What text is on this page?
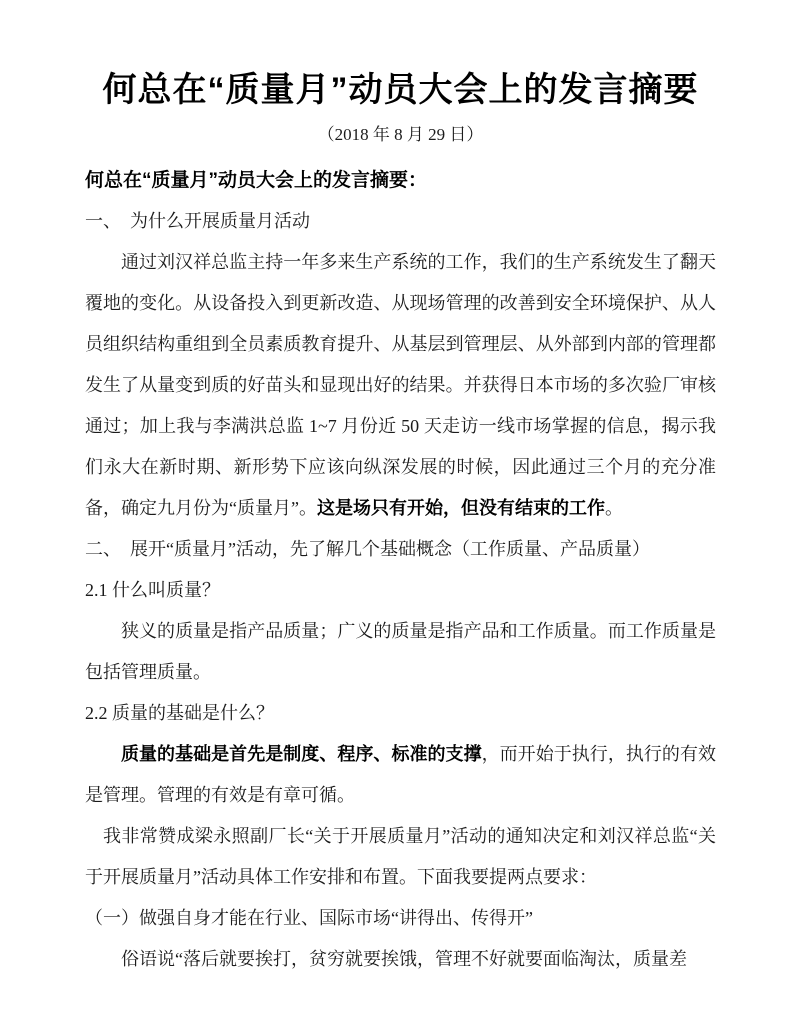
何总在“质量月”动员大会上的发言摘要
（2018 年 8 月 29 日）

何总在“质量月”动员大会上的发言摘要：

一、　为什么开展质量月活动

通过刘汉祥总监主持一年多来生产系统的工作，我们的生产系统发生了翻天覆地的变化。从设备投入到更新改造、从现场管理的改善到安全环境保护、从人员组织结构重组到全员素质教育提升、从基层到管理层、从外部到内部的管理都发生了从量变到质的好苗头和显现出好的结果。并获得日本市场的多次验厂审核通过；加上我与李满洪总监 1~7 月份近 50 天走访一线市场掌握的信息，揭示我们永大在新时期、新形势下应该向纵深发展的时候，因此通过三个月的充分准备，确定九月份为“质量月”。这是场只有开始，但没有结束的工作。

二、　展开“质量月”活动，先了解几个基础概念（工作质量、产品质量）

2.1 什么叫质量？

狭义的质量是指产品质量；广义的质量是指产品和工作质量。而工作质量是包括管理质量。

2.2 质量的基础是什么？

质量的基础是首先是制度、程序、标准的支撑，而开始于执行，执行的有效是管理。管理的有效是有章可循。

我非常赞成梁永照副厂长“关于开展质量月”活动的通知决定和刘汉祥总监“关于开展质量月”活动具体工作安排和布置。下面我要提两点要求：

（一）做强自身才能在行业、国际市场“讲得出、传得开”

俗语说“落后就要挨打，贫穷就要挨饿，管理不好就要面临淘汰，质量差
